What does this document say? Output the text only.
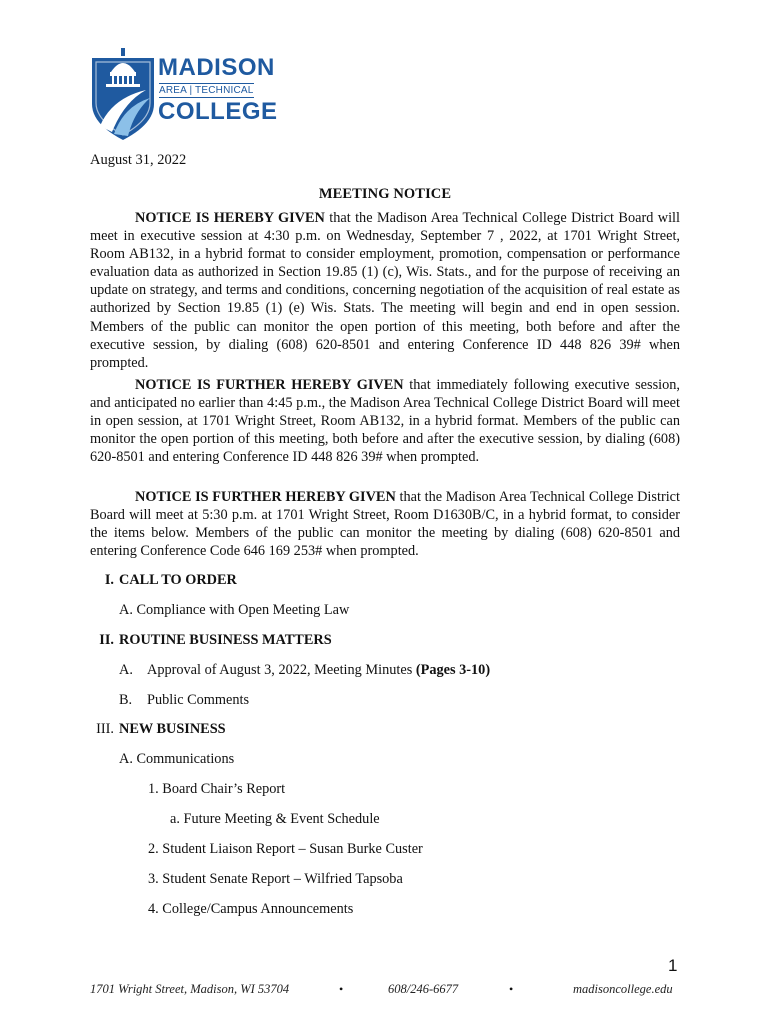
MADISON
AREA | TECHNICAL
COLLEGE
August 31, 2022
MEETING NOTICE

NOTICE IS HEREBY GIVEN that the Madison Area Technical College District Board will meet in executive session at 4:30 p.m. on Wednesday, September 7 , 2022, at 1701 Wright Street, Room AB132, in a hybrid format to consider employment, promotion, compensation or performance evaluation data as authorized in Section 19.85 (1) (c), Wis. Stats., and for the purpose of receiving an update on strategy, and terms and conditions, concerning negotiation of the acquisition of real estate as authorized by Section 19.85 (1) (e) Wis. Stats. The meeting will begin and end in open session. Members of the public can monitor the open portion of this meeting, both before and after the executive session, by dialing (608) 620-8501 and entering Conference ID 448 826 39# when prompted.

NOTICE IS FURTHER HEREBY GIVEN that immediately following executive session, and anticipated no earlier than 4:45 p.m., the Madison Area Technical College District Board will meet in open session, at 1701 Wright Street, Room AB132, in a hybrid format. Members of the public can monitor the open portion of this meeting, both before and after the executive session, by dialing (608) 620-8501 and entering Conference ID 448 826 39# when prompted.

NOTICE IS FURTHER HEREBY GIVEN that the Madison Area Technical College District Board will meet at 5:30 p.m. at 1701 Wright Street, Room D1630B/C, in a hybrid format, to consider the items below. Members of the public can monitor the meeting by dialing (608) 620-8501 and entering Conference Code 646 169 253# when prompted.

I. CALL TO ORDER
A. Compliance with Open Meeting Law
II. ROUTINE BUSINESS MATTERS
A. Approval of August 3, 2022, Meeting Minutes (Pages 3-10)
B. Public Comments
III. NEW BUSINESS
A. Communications
1. Board Chair’s Report
a. Future Meeting & Event Schedule
2. Student Liaison Report – Susan Burke Custer
3. Student Senate Report – Wilfried Tapsoba
4. College/Campus Announcements
1
1701 Wright Street, Madison, WI 53704	•	608/246-6677	•	madisoncollege.edu
